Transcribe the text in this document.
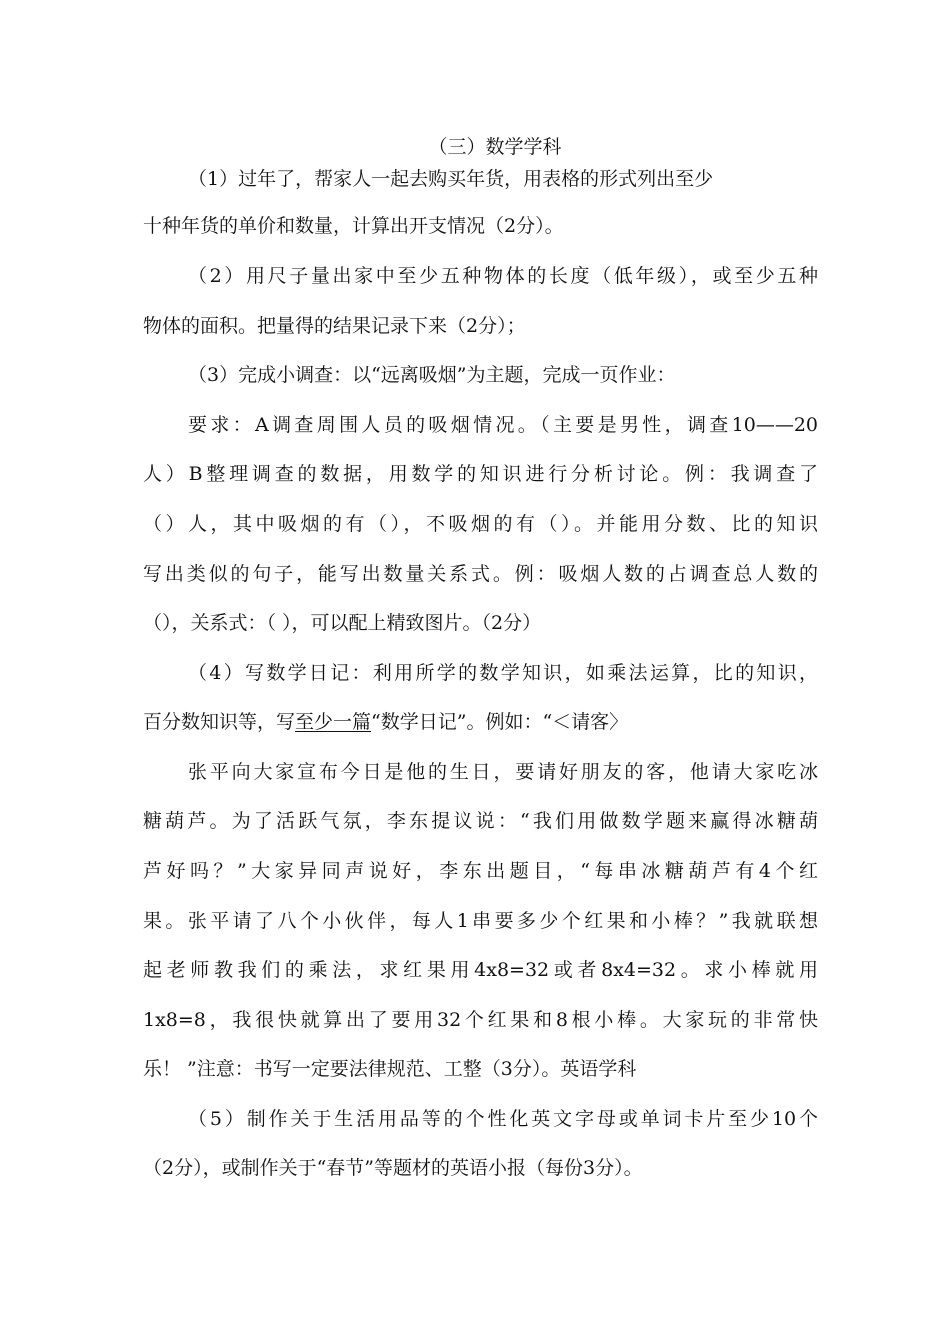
（三）数学学科
（1）过年了，帮家人一起去购买年货，用表格的形式列出至少
十种年货的单价和数量，计算出开支情况（2分）。
（2）用尺子量出家中至少五种物体的长度（低年级），或至少五种
物体的面积。把量得的结果记录下来（2分）；
（3）完成小调查：以“远离吸烟”为主题，完成一页作业：
要求：A调查周围人员的吸烟情况。（主要是男性，调查10——20
人）B整理调查的数据，用数学的知识进行分析讨论。例：我调查了
（）人，其中吸烟的有（），不吸烟的有（）。并能用分数、比的知识
写出类似的句子，能写出数量关系式。例：吸烟人数的占调查总人数的
（），关系式：（ ），可以配上精致图片。（2分）
（4）写数学日记：利用所学的数学知识，如乘法运算，比的知识，
百分数知识等，写至少一篇“数学日记”。例如：“＜请客〉
张平向大家宣布今日是他的生日，要请好朋友的客，他请大家吃冰
糖葫芦。为了活跃气氛，李东提议说：“我们用做数学题来赢得冰糖葫
芦好吗？”大家异同声说好，李东出题目，“每串冰糖葫芦有4个红
果。张平请了八个小伙伴，每人1串要多少个红果和小棒？”我就联想
起老师教我们的乘法，求红果用4x8=32或者8x4=32。求小棒就用
1x8=8，我很快就算出了要用32个红果和8根小棒。大家玩的非常快
乐！ ”注意：书写一定要法律规范、工整（3分）。英语学科
（5）制作关于生活用品等的个性化英文字母或单词卡片至少10个
（2分），或制作关于“春节”等题材的英语小报（每份3分）。
